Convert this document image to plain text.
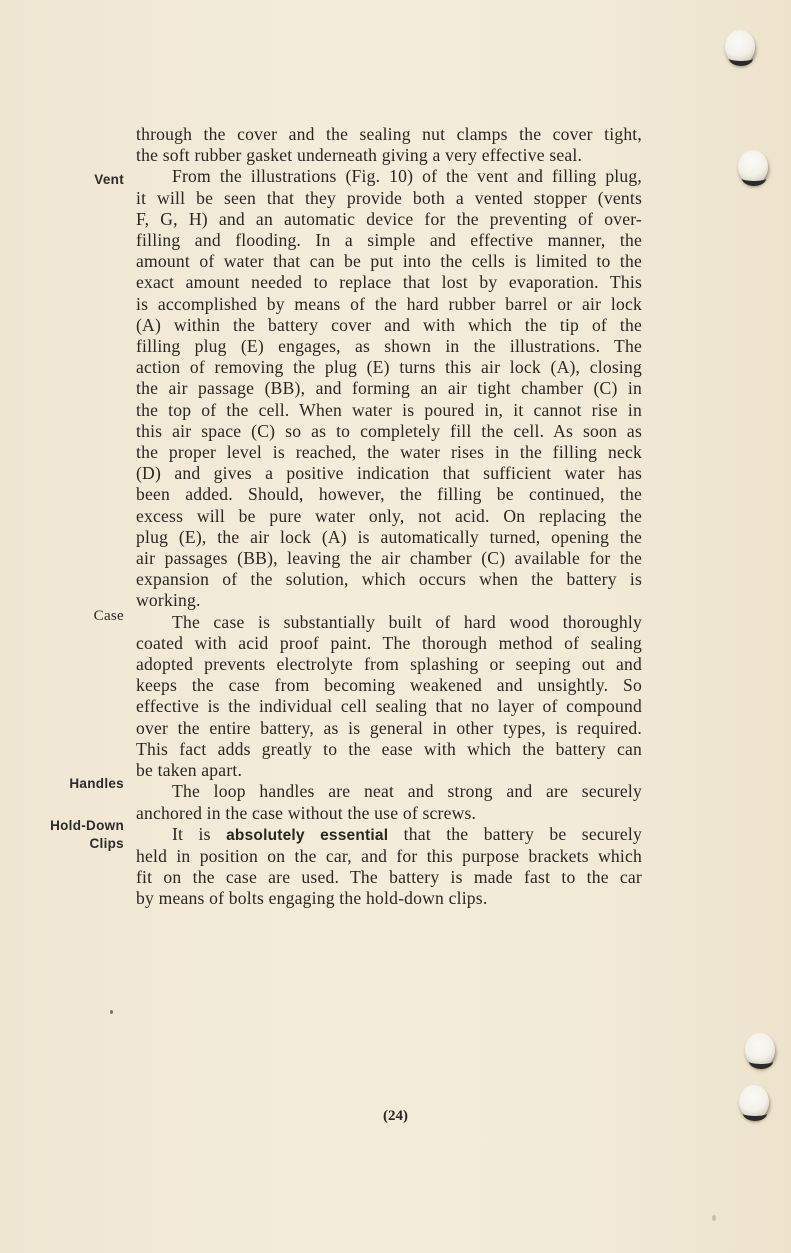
Vent
Case
Handles
Hold-Down
Clips
through the cover and the sealing nut clamps the cover tight,
the soft rubber gasket underneath giving a very effective seal.
From the illustrations (Fig. 10) of the vent and filling plug,
it will be seen that they provide both a vented stopper (vents
F, G, H) and an automatic device for the preventing of over-
filling and flooding. In a simple and effective manner, the
amount of water that can be put into the cells is limited to the
exact amount needed to replace that lost by evaporation. This
is accomplished by means of the hard rubber barrel or air lock
(A) within the battery cover and with which the tip of the
filling plug (E) engages, as shown in the illustrations. The
action of removing the plug (E) turns this air lock (A), closing
the air passage (BB), and forming an air tight chamber (C) in
the top of the cell. When water is poured in, it cannot rise in
this air space (C) so as to completely fill the cell. As soon as
the proper level is reached, the water rises in the filling neck
(D) and gives a positive indication that sufficient water has
been added. Should, however, the filling be continued, the
excess will be pure water only, not acid. On replacing the
plug (E), the air lock (A) is automatically turned, opening the
air passages (BB), leaving the air chamber (C) available for the
expansion of the solution, which occurs when the battery is
working.
The case is substantially built of hard wood thoroughly
coated with acid proof paint. The thorough method of sealing
adopted prevents electrolyte from splashing or seeping out and
keeps the case from becoming weakened and unsightly. So
effective is the individual cell sealing that no layer of compound
over the entire battery, as is general in other types, is required.
This fact adds greatly to the ease with which the battery can
be taken apart.
The loop handles are neat and strong and are securely
anchored in the case without the use of screws.
It is absolutely essential that the battery be securely
held in position on the car, and for this purpose brackets which
fit on the case are used. The battery is made fast to the car
by means of bolts engaging the hold-down clips.
(24)
